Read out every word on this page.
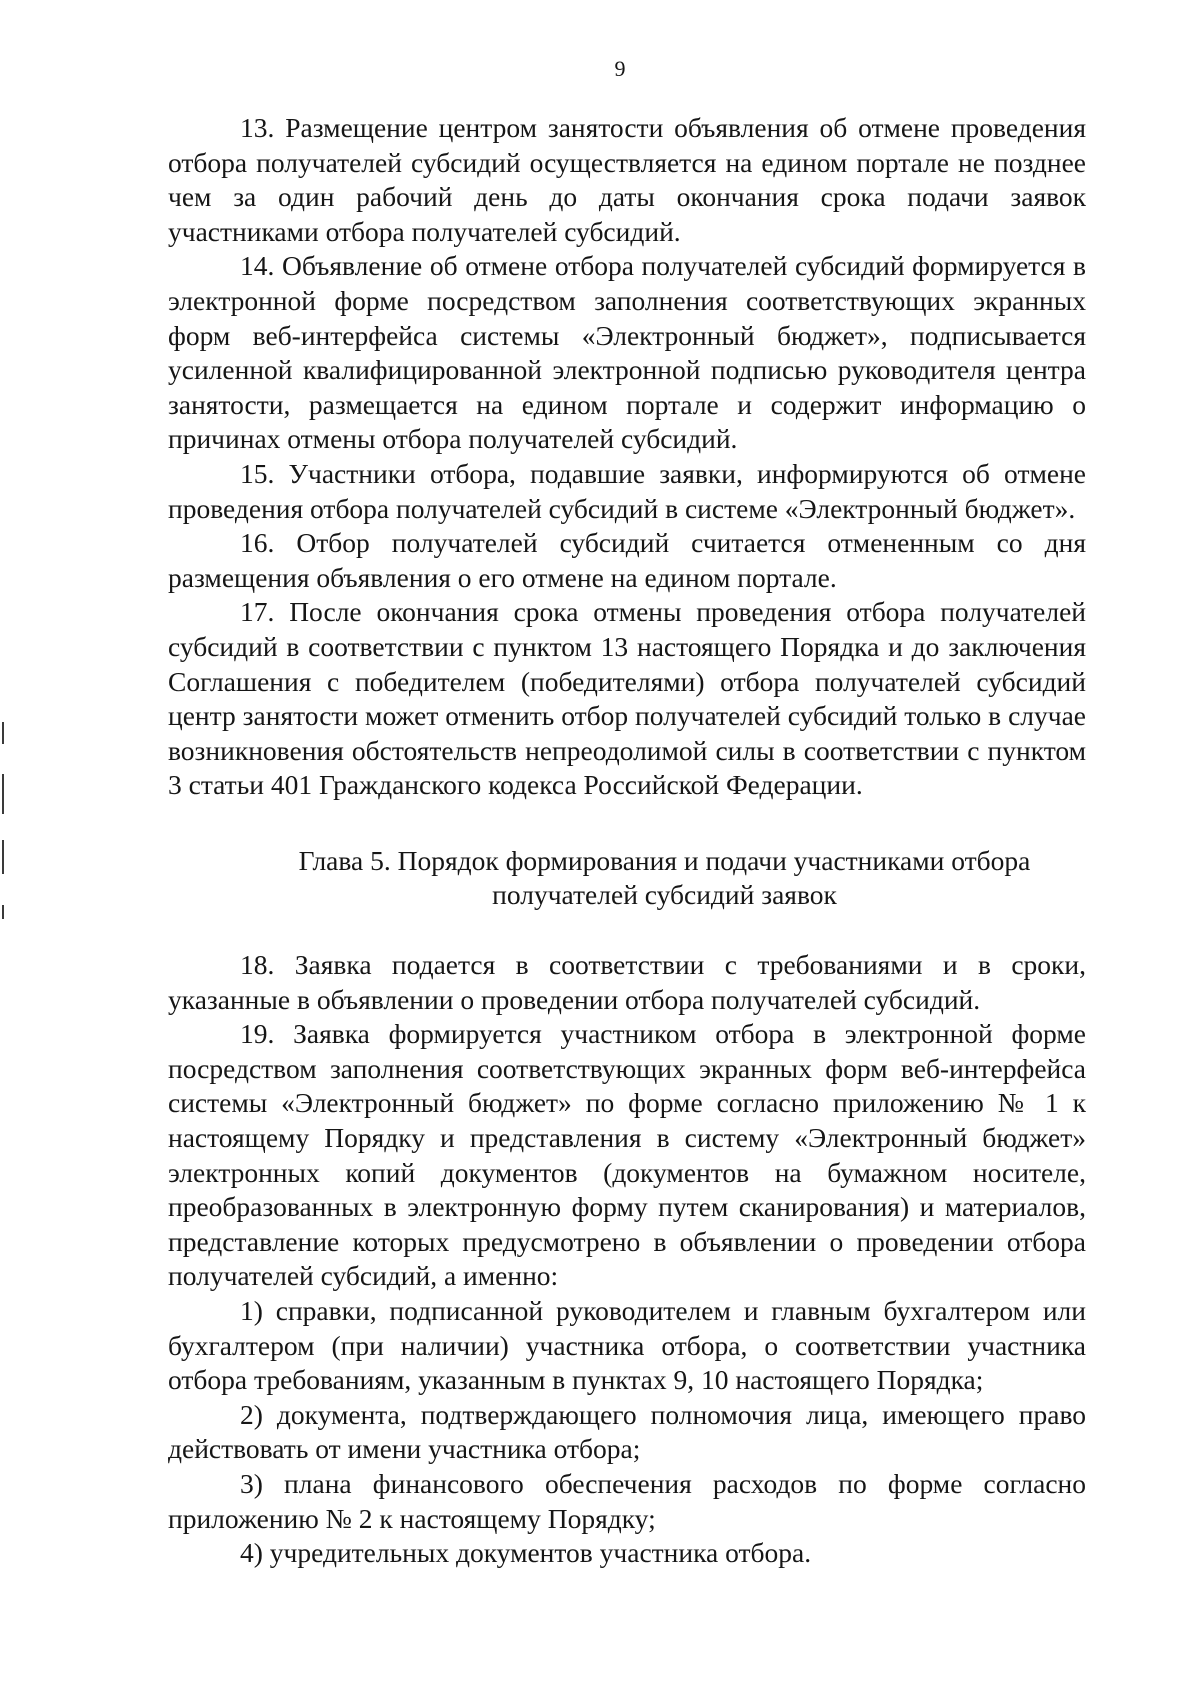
9

13. Размещение центром занятости объявления об отмене проведения отбора получателей субсидий осуществляется на едином портале не позднее чем за один рабочий день до даты окончания срока подачи заявок участниками отбора получателей субсидий.

14. Объявление об отмене отбора получателей субсидий формируется в электронной форме посредством заполнения соответствующих экранных форм веб-интерфейса системы «Электронный бюджет», подписывается усиленной квалифицированной электронной подписью руководителя центра занятости, размещается на едином портале и содержит информацию о причинах отмены отбора получателей субсидий.

15. Участники отбора, подавшие заявки, информируются об отмене проведения отбора получателей субсидий в системе «Электронный бюджет».

16. Отбор получателей субсидий считается отмененным со дня размещения объявления о его отмене на едином портале.

17. После окончания срока отмены проведения отбора получателей субсидий в соответствии с пунктом 13 настоящего Порядка и до заключения Соглашения с победителем (победителями) отбора получателей субсидий центр занятости может отменить отбор получателей субсидий только в случае возникновения обстоятельств непреодолимой силы в соответствии с пунктом 3 статьи 401 Гражданского кодекса Российской Федерации.

Глава 5. Порядок формирования и подачи участниками отбора
получателей субсидий заявок

18. Заявка подается в соответствии с требованиями и в сроки, указанные в объявлении о проведении отбора получателей субсидий.

19. Заявка формируется участником отбора в электронной форме посредством заполнения соответствующих экранных форм веб-интерфейса системы «Электронный бюджет» по форме согласно приложению № 1 к настоящему Порядку и представления в систему «Электронный бюджет» электронных копий документов (документов на бумажном носителе, преобразованных в электронную форму путем сканирования) и материалов, представление которых предусмотрено в объявлении о проведении отбора получателей субсидий, а именно:

1) справки, подписанной руководителем и главным бухгалтером или бухгалтером (при наличии) участника отбора, о соответствии участника отбора требованиям, указанным в пунктах 9, 10 настоящего Порядка;

2) документа, подтверждающего полномочия лица, имеющего право действовать от имени участника отбора;

3) плана финансового обеспечения расходов по форме согласно приложению № 2 к настоящему Порядку;

4) учредительных документов участника отбора.
